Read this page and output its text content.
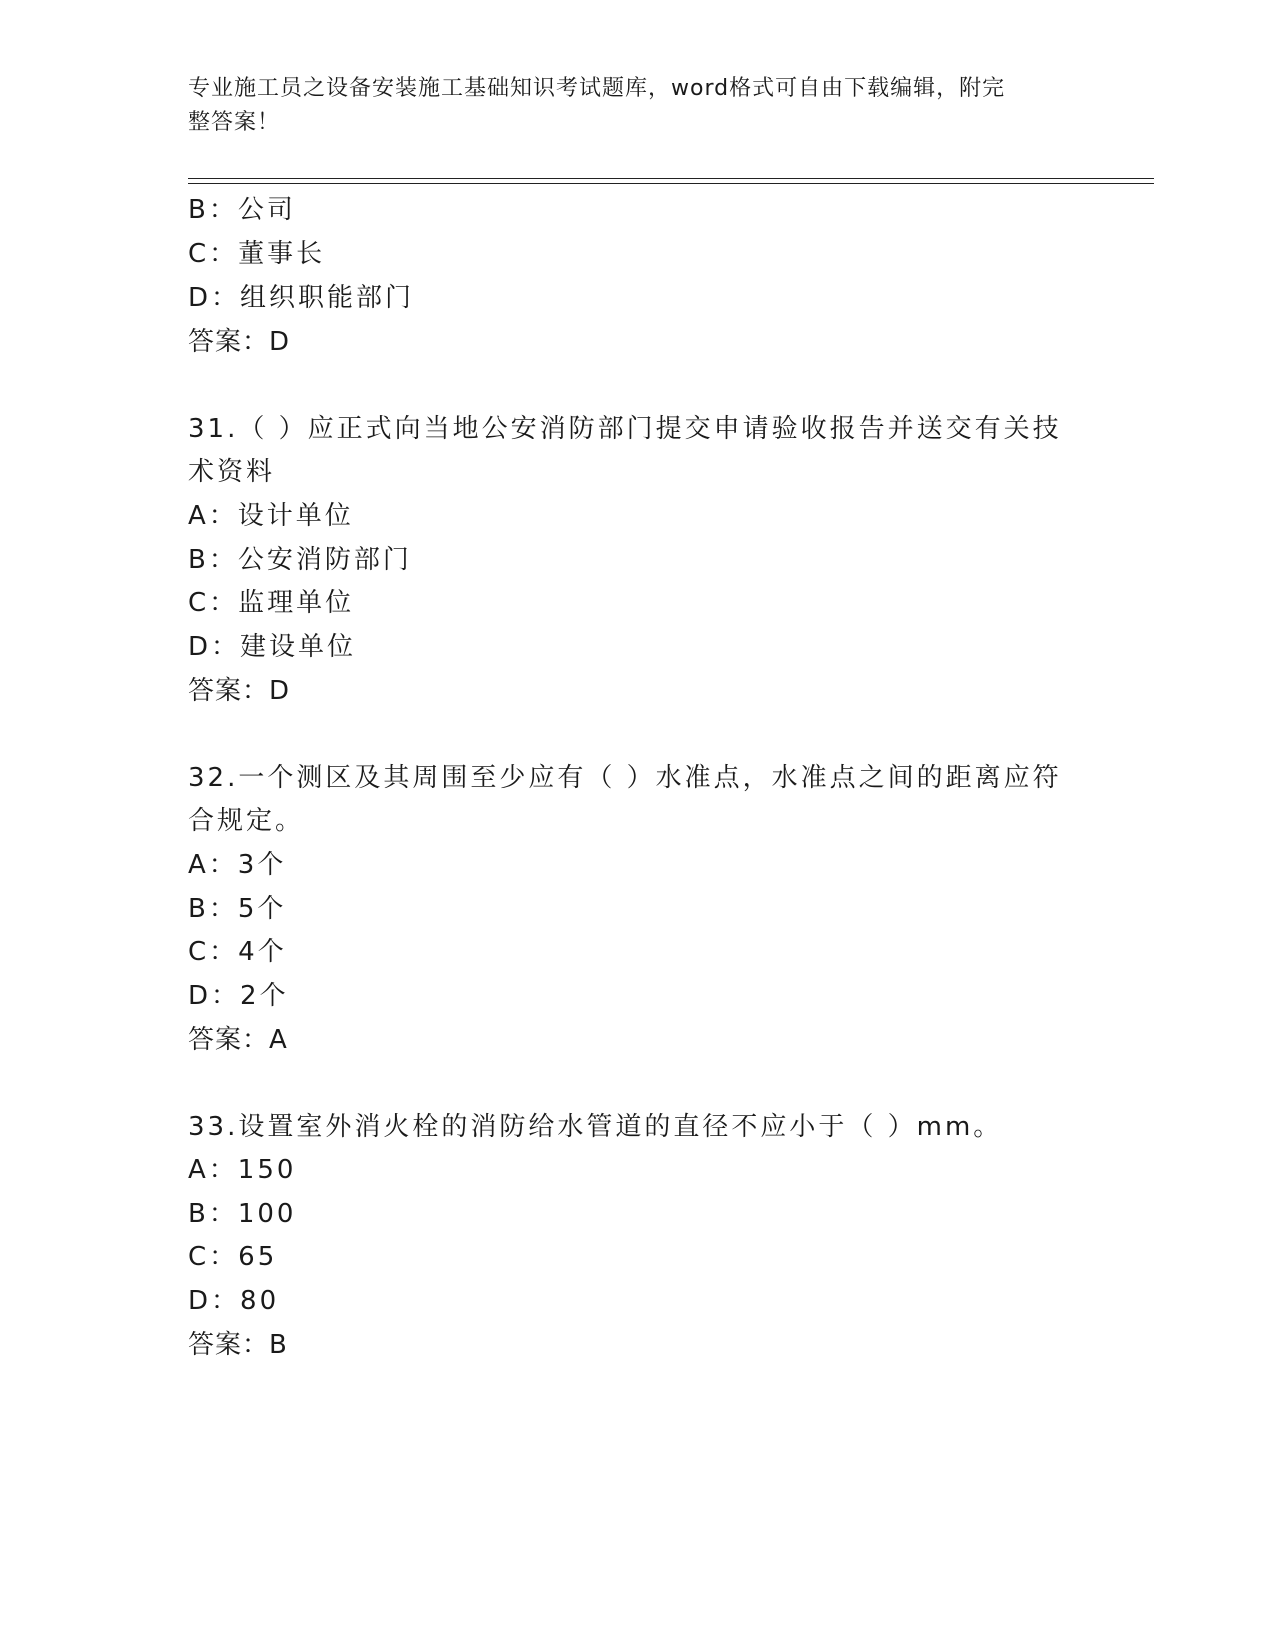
专业施工员之设备安装施工基础知识考试题库，word格式可自由下载编辑，附完
整答案！
B：公司
C：董事长
D：组织职能部门
答案：D
31.（ ）应正式向当地公安消防部门提交申请验收报告并送交有关技
术资料
A：设计单位
B：公安消防部门
C：监理单位
D：建设单位
答案：D
32.一个测区及其周围至少应有（ ）水准点，水准点之间的距离应符
合规定。
A：3个
B：5个
C：4个
D：2个
答案：A
33.设置室外消火栓的消防给水管道的直径不应小于（ ）mm。
A：150
B：100
C：65
D：80
答案：B
